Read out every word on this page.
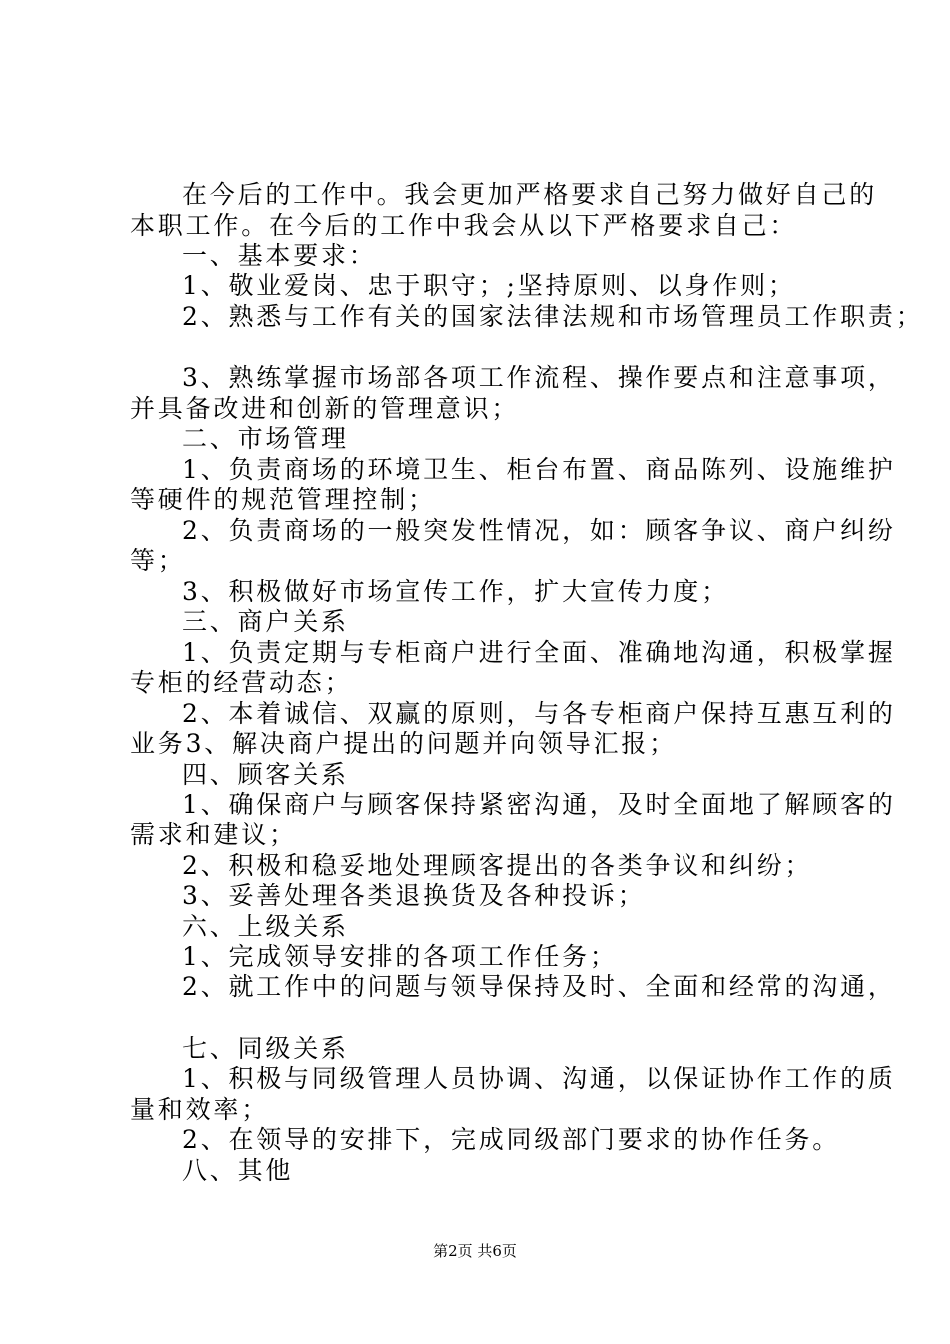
在今后的工作中。我会更加严格要求自己努力做好自己的
本职工作。在今后的工作中我会从以下严格要求自己：
一、基本要求：
1、敬业爱岗、忠于职守；;坚持原则、以身作则；
2、熟悉与工作有关的国家法律法规和市场管理员工作职责；
3、熟练掌握市场部各项工作流程、操作要点和注意事项，
并具备改进和创新的管理意识；
二、市场管理
1、负责商场的环境卫生、柜台布置、商品陈列、设施维护
等硬件的规范管理控制；
2、负责商场的一般突发性情况，如：顾客争议、商户纠纷
等；
3、积极做好市场宣传工作，扩大宣传力度；
三、商户关系
1、负责定期与专柜商户进行全面、准确地沟通，积极掌握
专柜的经营动态；
2、本着诚信、双赢的原则，与各专柜商户保持互惠互利的
业务3、解决商户提出的问题并向领导汇报；
四、顾客关系
1、确保商户与顾客保持紧密沟通，及时全面地了解顾客的
需求和建议；
2、积极和稳妥地处理顾客提出的各类争议和纠纷；
3、妥善处理各类退换货及各种投诉；
六、上级关系
1、完成领导安排的各项工作任务；
2、就工作中的问题与领导保持及时、全面和经常的沟通，
七、同级关系
1、积极与同级管理人员协调、沟通，以保证协作工作的质
量和效率；
2、在领导的安排下，完成同级部门要求的协作任务。
八、其他
第2页 共6页
